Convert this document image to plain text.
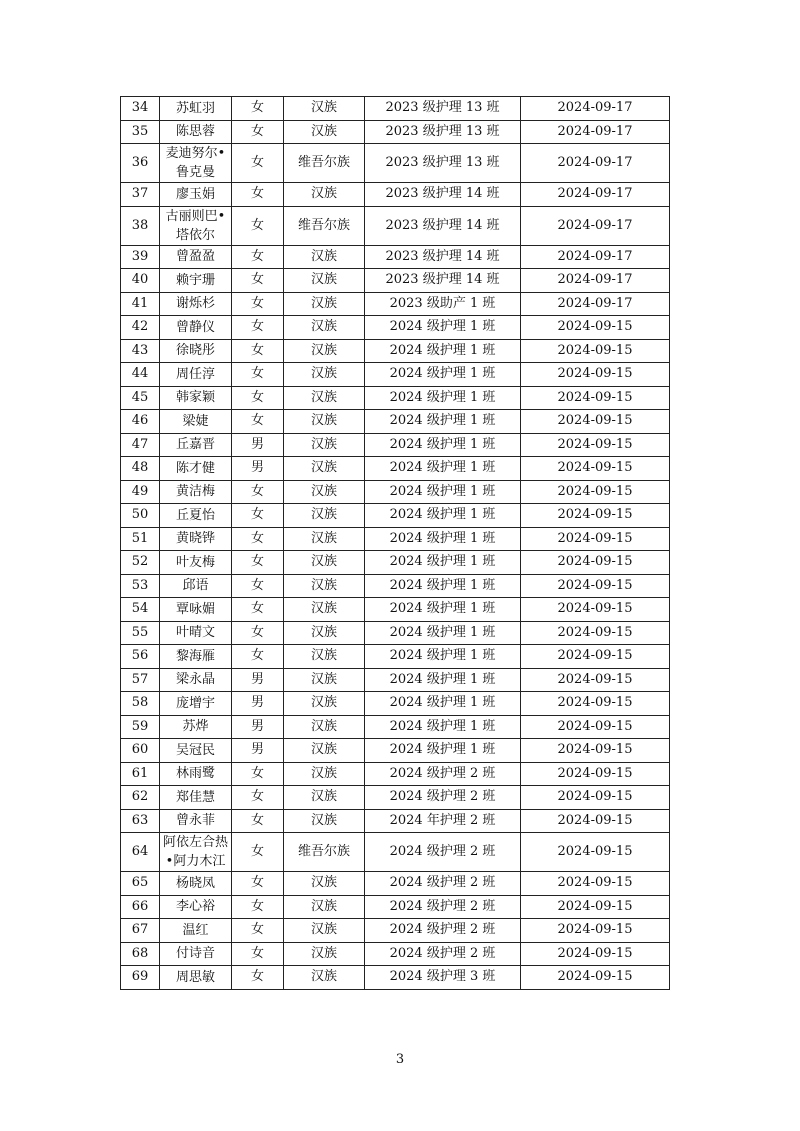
34	苏虹羽	女	汉族	2023 级护理 13 班	2024-09-17
35	陈思蓉	女	汉族	2023 级护理 13 班	2024-09-17
36	麦迪努尔•鲁克曼	女	维吾尔族	2023 级护理 13 班	2024-09-17
37	廖玉娟	女	汉族	2023 级护理 14 班	2024-09-17
38	古丽则巴•塔依尔	女	维吾尔族	2023 级护理 14 班	2024-09-17
39	曾盈盈	女	汉族	2023 级护理 14 班	2024-09-17
40	赖宇珊	女	汉族	2023 级护理 14 班	2024-09-17
41	谢烁杉	女	汉族	2023 级助产 1 班	2024-09-17
42	曾静仪	女	汉族	2024 级护理 1 班	2024-09-15
43	徐晓彤	女	汉族	2024 级护理 1 班	2024-09-15
44	周任淳	女	汉族	2024 级护理 1 班	2024-09-15
45	韩家颖	女	汉族	2024 级护理 1 班	2024-09-15
46	梁婕	女	汉族	2024 级护理 1 班	2024-09-15
47	丘嘉晋	男	汉族	2024 级护理 1 班	2024-09-15
48	陈才健	男	汉族	2024 级护理 1 班	2024-09-15
49	黄洁梅	女	汉族	2024 级护理 1 班	2024-09-15
50	丘夏怡	女	汉族	2024 级护理 1 班	2024-09-15
51	黄晓铧	女	汉族	2024 级护理 1 班	2024-09-15
52	叶友梅	女	汉族	2024 级护理 1 班	2024-09-15
53	邱语	女	汉族	2024 级护理 1 班	2024-09-15
54	覃咏媚	女	汉族	2024 级护理 1 班	2024-09-15
55	叶晴文	女	汉族	2024 级护理 1 班	2024-09-15
56	黎海雁	女	汉族	2024 级护理 1 班	2024-09-15
57	梁永晶	男	汉族	2024 级护理 1 班	2024-09-15
58	庞增宇	男	汉族	2024 级护理 1 班	2024-09-15
59	苏烨	男	汉族	2024 级护理 1 班	2024-09-15
60	吴冠民	男	汉族	2024 级护理 1 班	2024-09-15
61	林雨鹭	女	汉族	2024 级护理 2 班	2024-09-15
62	郑佳慧	女	汉族	2024 级护理 2 班	2024-09-15
63	曾永菲	女	汉族	2024 年护理 2 班	2024-09-15
64	阿依左合热•阿力木江	女	维吾尔族	2024 级护理 2 班	2024-09-15
65	杨晓凤	女	汉族	2024 级护理 2 班	2024-09-15
66	李心裕	女	汉族	2024 级护理 2 班	2024-09-15
67	温红	女	汉族	2024 级护理 2 班	2024-09-15
68	付诗音	女	汉族	2024 级护理 2 班	2024-09-15
69	周思敏	女	汉族	2024 级护理 3 班	2024-09-15
3
